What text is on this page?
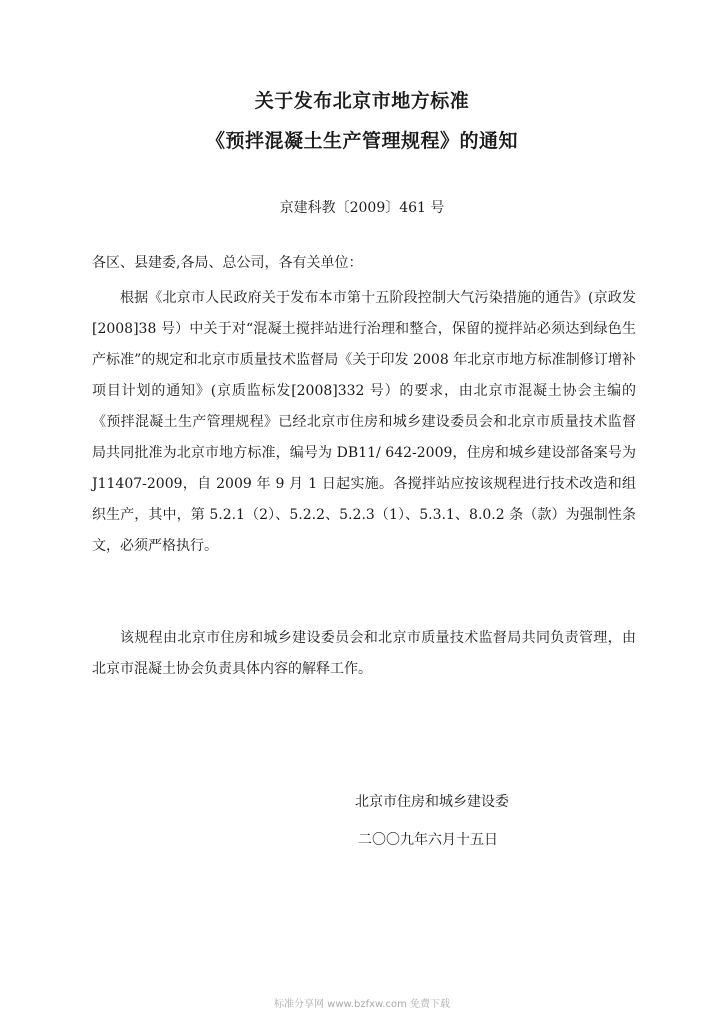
关于发布北京市地方标准
《预拌混凝土生产管理规程》的通知
京建科教〔2009〕461 号
各区、县建委,各局、总公司，各有关单位：
根据《北京市人民政府关于发布本市第十五阶段控制大气污染措施的通告》(京政发[2008]38 号）中关于对“混凝土搅拌站进行治理和整合，保留的搅拌站必须达到绿色生产标准”的规定和北京市质量技术监督局《关于印发 2008 年北京市地方标准制修订增补项目计划的通知》(京质监标发[2008]332 号）的要求，由北京市混凝土协会主编的《预拌混凝土生产管理规程》已经北京市住房和城乡建设委员会和北京市质量技术监督局共同批准为北京市地方标准，编号为 DB11/ 642-2009，住房和城乡建设部备案号为 J11407-2009，自 2009 年 9 月 1 日起实施。各搅拌站应按该规程进行技术改造和组织生产，其中，第 5.2.1（2）、5.2.2、5.2.3（1）、5.3.1、8.0.2 条（款）为强制性条文，必须严格执行。
该规程由北京市住房和城乡建设委员会和北京市质量技术监督局共同负责管理，由北京市混凝土协会负责具体内容的解释工作。
北京市住房和城乡建设委
二〇〇九年六月十五日
标准分享网 www.bzfxw.com 免费下载
